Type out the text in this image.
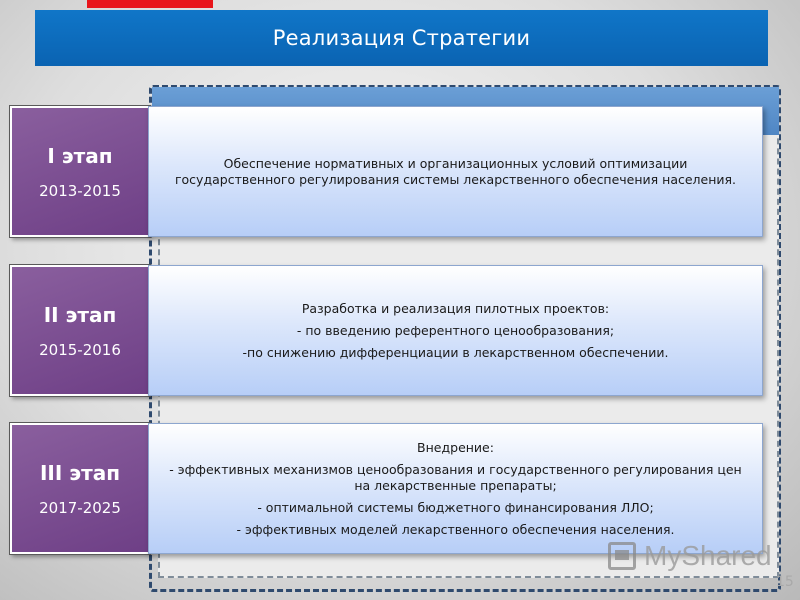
Реализация Стратегии
I этап
2013-2015

Обеспечение нормативных и организационных условий оптимизации государственного регулирования системы лекарственного обеспечения населения.

II этап
2015-2016

Разработка и реализация пилотных проектов:

- по введению референтного ценообразования;

-по снижению дифференциации в лекарственном обеспечении.

III этап
2017-2025

Внедрение:

- эффективных механизмов ценообразования и государственного регулирования цен на лекарственные препараты;

- оптимальной системы бюджетного финансирования ЛЛО;

- эффективных моделей лекарственного обеспечения населения.

MyShared
15
